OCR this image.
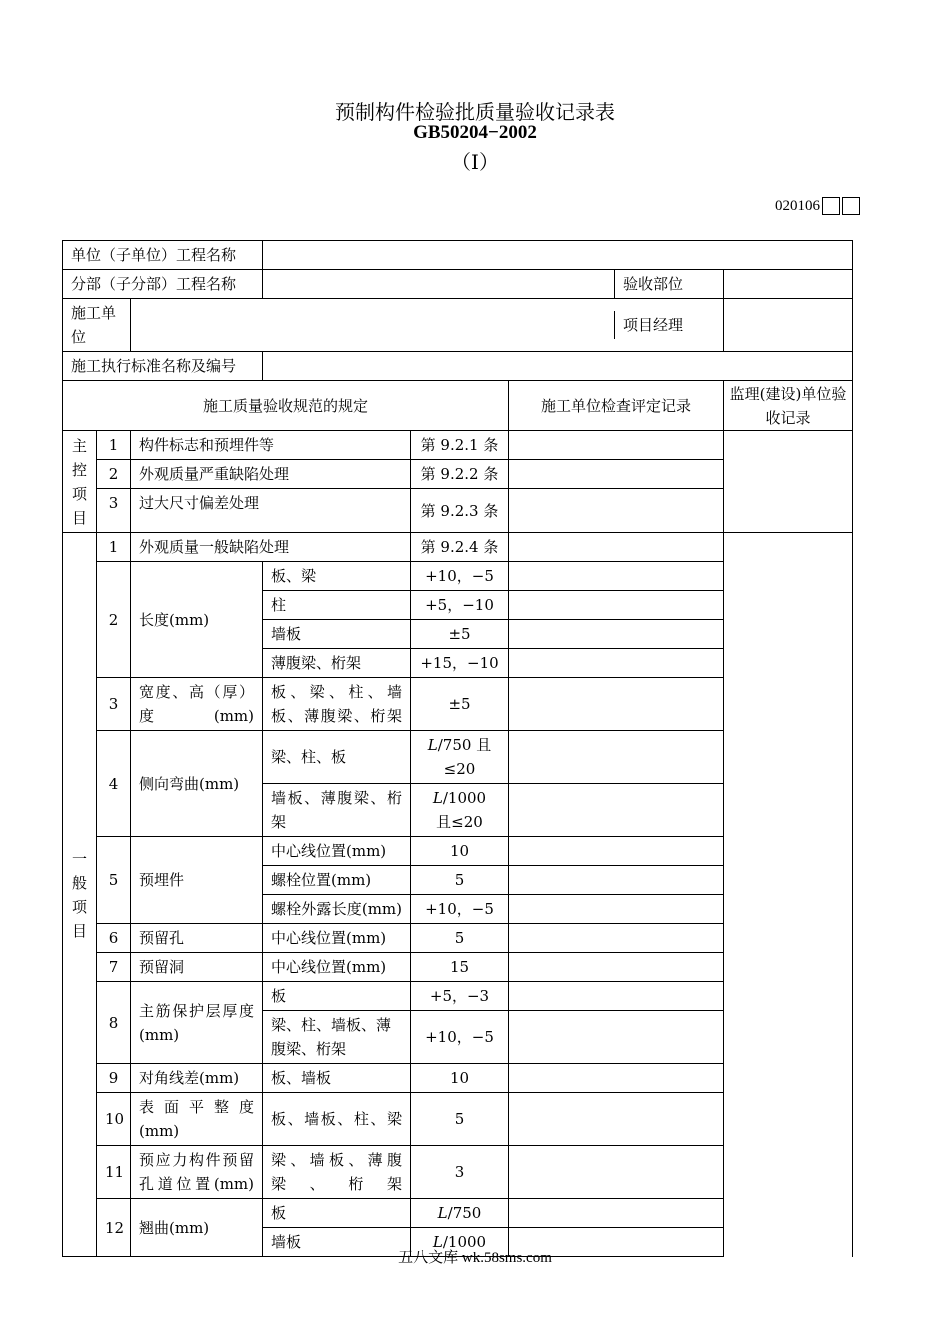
预制构件检验批质量验收记录表
GB50204−2002
（Ⅰ）
020106
单位（子单位）工程名称						
分部（子分部）工程名称			验收部位			

施工单位		项目经理				

施工执行标准名称及编号						
施工质量验收规范的规定					施工单位检查评定记录	监理(建设)单位验收记录
主
控
项
目	1	构件标志和预埋件等		第 9.2.1 条		
	2	外观质量严重缺陷处理		第 9.2.2 条		
	3	过大尺寸偏差处理		第 9.2.3 条		
一
般
项
目	1	外观质量一般缺陷处理		第 9.2.4 条		
	2	长度(mm)	板、梁	+10，−5		
			柱	+5，−10		
			墙板	±5		
			薄腹梁、桁架	+15，−10		
	3	宽度、高（厚）度(mm)	板、梁、柱、墙板、薄腹梁、桁架	±5		
	4	侧向弯曲(mm)	梁、柱、板	L/750 且≤20		
			墙板、薄腹梁、桁架	L/1000 且≤20		
	5	预埋件	中心线位置(mm)	10		
			螺栓位置(mm)	5		
			螺栓外露长度(mm)	+10，−5		
	6	预留孔	中心线位置(mm)	5		
	7	预留洞	中心线位置(mm)	15		
	8	主筋保护层厚度(mm)	板	+5，−3		
			梁、柱、墙板、薄腹梁、桁架	+10，−5		
	9	对角线差(mm)	板、墙板	10		
	10	表面平整度(mm)	板、墙板、柱、梁	5		
	11	预应力构件预留孔道位置(mm)	梁、墙板、薄腹梁、桁架	3		
	12	翘曲(mm)	板	L/750		
			墙板	L/1000		
五八文库 wk.58sms.com
